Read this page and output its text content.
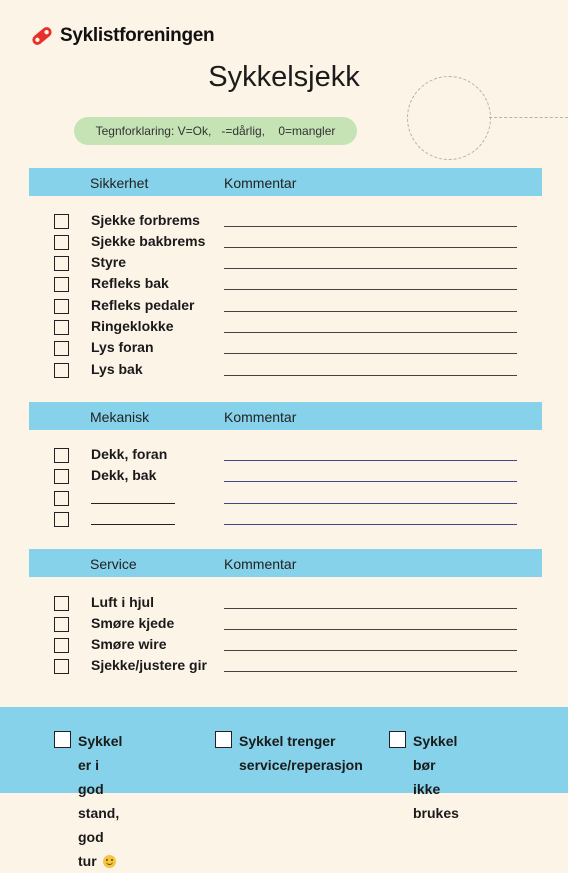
Syklistforeningen
Sykkelsjekk
Tegnforklaring: V=Ok,   -=dårlig,    0=mangler
Sikkerhet	Kommentar
Sjekke forbrems
Sjekke bakbrems
Styre
Refleks bak
Refleks pedaler
Ringeklokke
Lys foran
Lys bak
Mekanisk	Kommentar
Dekk, foran
Dekk, bak
Service	Kommentar
Luft i hjul
Smøre kjede
Smøre wire
Sjekke/justere gir
Sykkel er i god
stand, god tur
Sykkel trenger
service/reperasjon
Sykkel bør ikke
brukes
